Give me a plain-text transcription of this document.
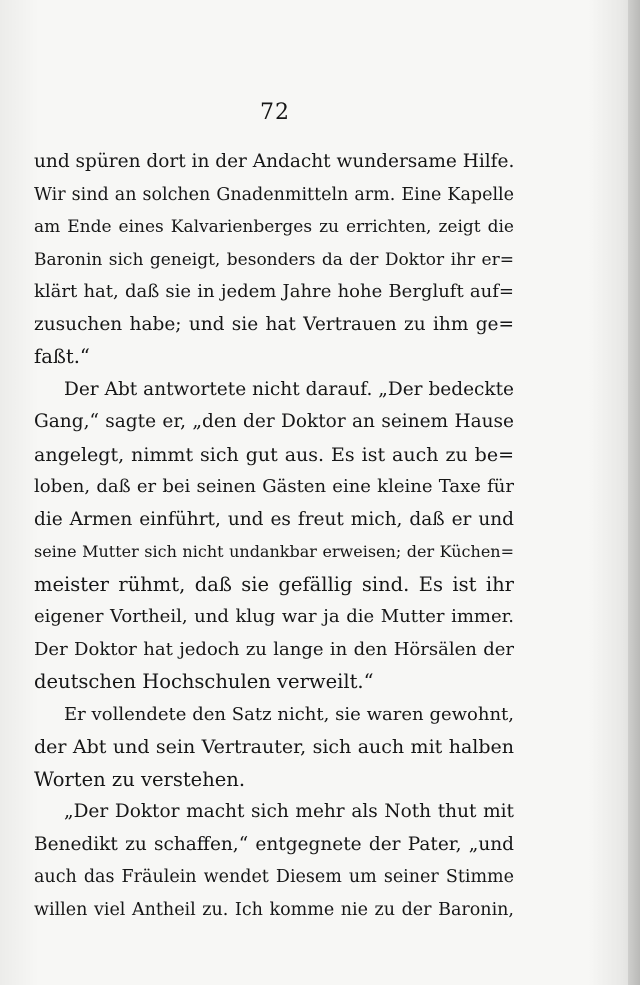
72
und spüren dort in der Andacht wundersame Hilfe.
Wir sind an solchen Gnadenmitteln arm. Eine Kapelle
am Ende eines Kalvarienberges zu errichten, zeigt die
Baronin sich geneigt, besonders da der Doktor ihr er=
klärt hat, daß sie in jedem Jahre hohe Bergluft auf=
zusuchen habe; und sie hat Vertrauen zu ihm ge=
faßt.“
Der Abt antwortete nicht darauf. „Der bedeckte
Gang,“ sagte er, „den der Doktor an seinem Hause
angelegt, nimmt sich gut aus. Es ist auch zu be=
loben, daß er bei seinen Gästen eine kleine Taxe für
die Armen einführt, und es freut mich, daß er und
seine Mutter sich nicht undankbar erweisen; der Küchen=
meister rühmt, daß sie gefällig sind. Es ist ihr
eigener Vortheil, und klug war ja die Mutter immer.
Der Doktor hat jedoch zu lange in den Hörsälen der
deutschen Hochschulen verweilt.“
Er vollendete den Satz nicht, sie waren gewohnt,
der Abt und sein Vertrauter, sich auch mit halben
Worten zu verstehen.
„Der Doktor macht sich mehr als Noth thut mit
Benedikt zu schaffen,“ entgegnete der Pater, „und
auch das Fräulein wendet Diesem um seiner Stimme
willen viel Antheil zu. Ich komme nie zu der Baronin,
